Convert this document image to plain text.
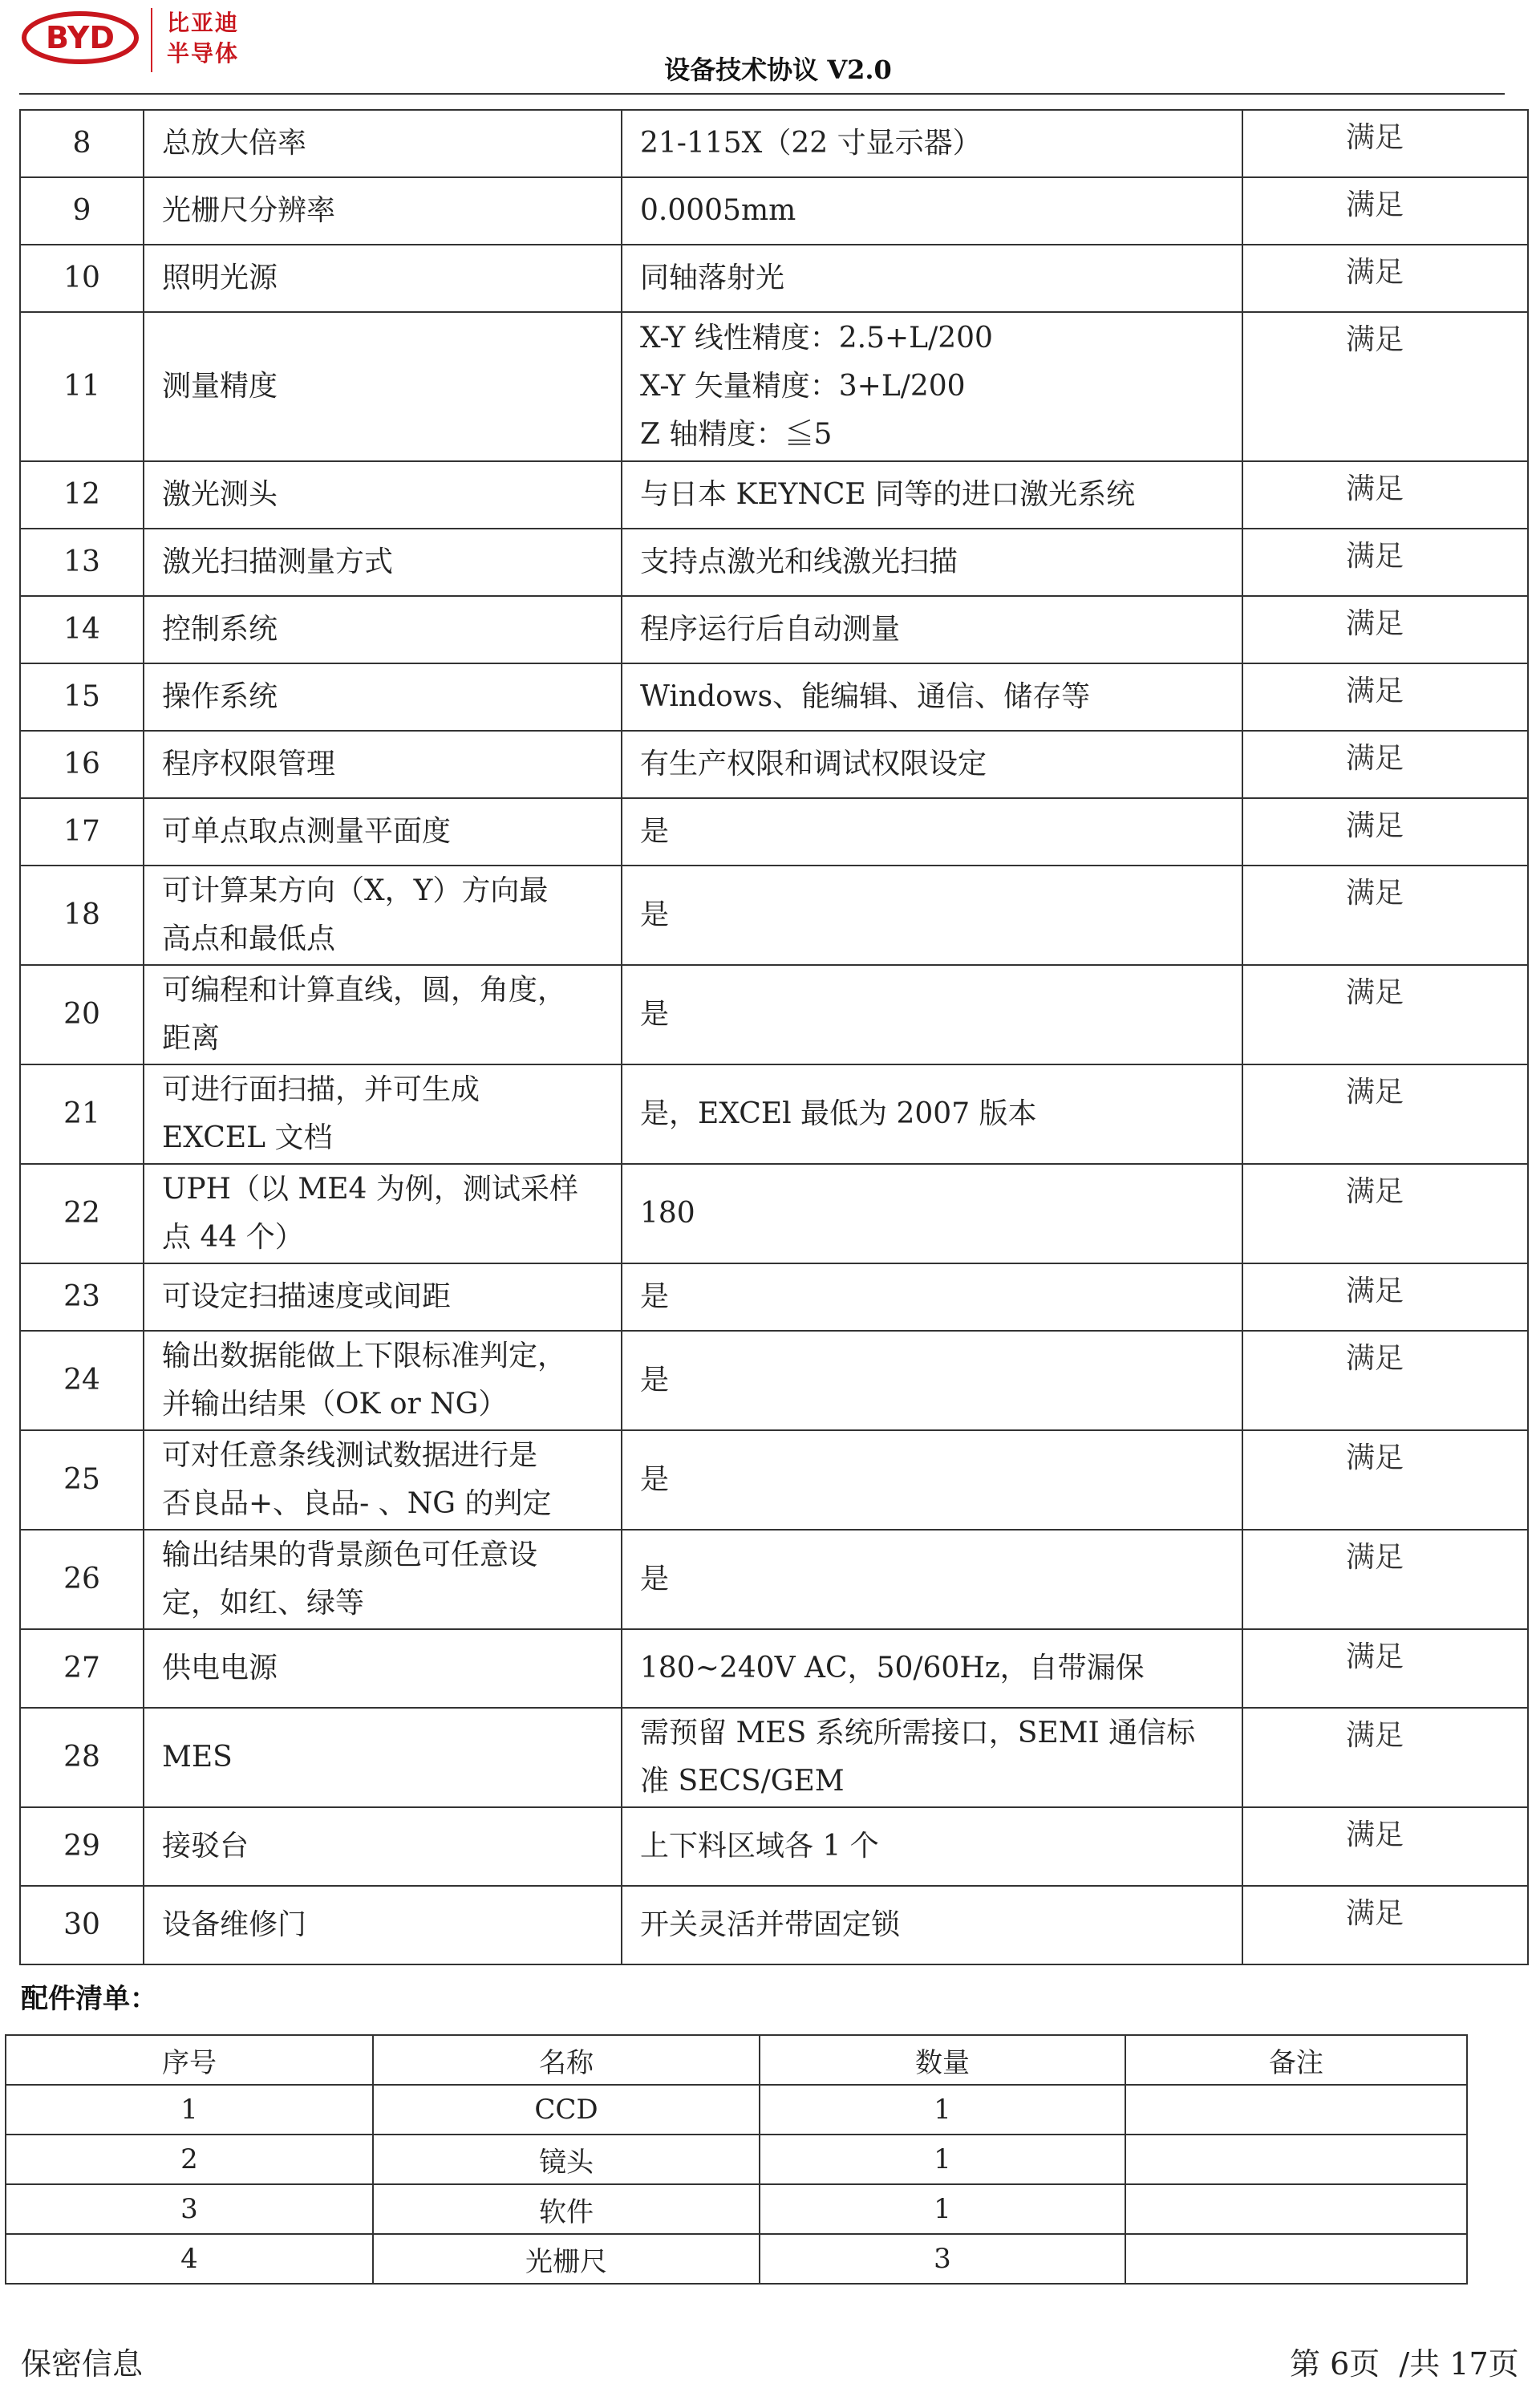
BYD 比亚迪
半导体
设备技术协议 V2.0
8	总放大倍率	21-115X（22 寸显示器）	满足
9	光栅尺分辨率	0.0005mm	满足
10	照明光源	同轴落射光	满足
11	测量精度	X-Y 线性精度：2.5+L/200
X-Y 矢量精度：3+L/200
Z 轴精度：≦5	满足
12	激光测头	与日本 KEYNCE 同等的进口激光系统	满足
13	激光扫描测量方式	支持点激光和线激光扫描	满足
14	控制系统	程序运行后自动测量	满足
15	操作系统	Windows、能编辑、通信、储存等	满足
16	程序权限管理	有生产权限和调试权限设定	满足
17	可单点取点测量平面度	是	满足
18	可计算某方向（X，Y）方向最
高点和最低点	是	满足
20	可编程和计算直线，圆，角度，
距离	是	满足
21	可进行面扫描，并可生成
EXCEL 文档	是，EXCEl 最低为 2007 版本	满足
22	UPH（以 ME4 为例，测试采样
点 44 个）	180	满足
23	可设定扫描速度或间距	是	满足
24	输出数据能做上下限标准判定，
并输出结果（OK or NG）	是	满足
25	可对任意条线测试数据进行是
否良品+、良品- 、NG 的判定	是	满足
26	输出结果的背景颜色可任意设
定，如红、绿等	是	满足
27	供电电源	180~240V AC，50/60Hz，自带漏保	满足
28	MES	需预留 MES 系统所需接口，SEMI 通信标
准 SECS/GEM	满足
29	接驳台	上下料区域各 1 个	满足
30	设备维修门	开关灵活并带固定锁	满足
配件清单：
序号	名称	数量	备注
1	CCD	1	
2	镜头	1	
3	软件	1	
4	光栅尺	3	
保密信息	第 6页  /共 17页
